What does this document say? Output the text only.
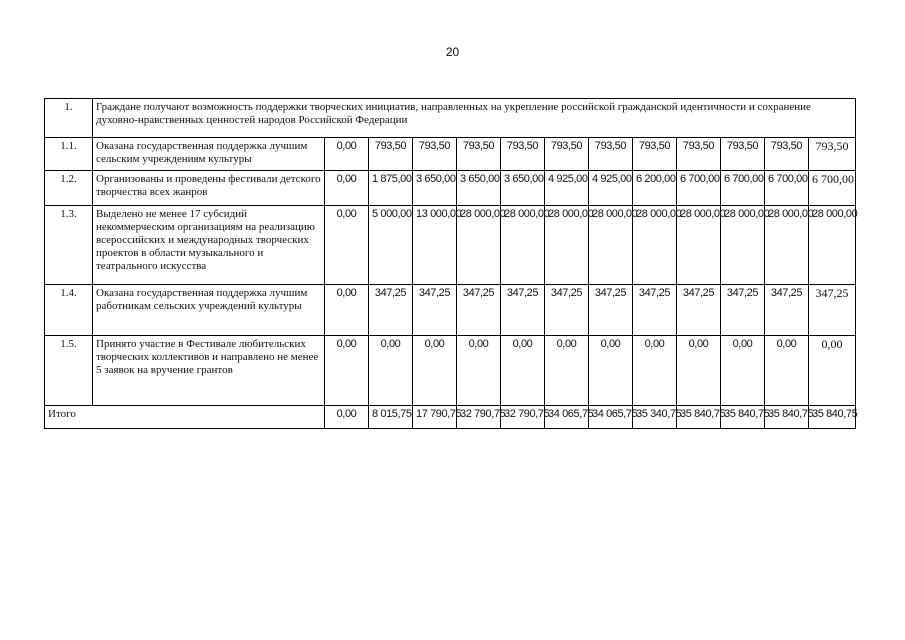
20
1.	Граждане получают возможность поддержки творческих инициатив, направленных на укрепление российской гражданской идентичности и сохранение духовно-нравственных ценностей народов Российской Федерации												
1.1.	Оказана государственная поддержка лучшим сельским учреждениям культуры	0,00	793,50	793,50	793,50	793,50	793,50	793,50	793,50	793,50	793,50	793,50	793,50
1.2.	Организованы и проведены фестивали детского творчества всех жанров	0,00	1 875,00	3 650,00	3 650,00	3 650,00	4 925,00	4 925,00	6 200,00	6 700,00	6 700,00	6 700,00	6 700,00
1.3.	Выделено не менее 17 субсидий некоммерческим организациям на реализацию всероссийских и международных творческих проектов в области музыкального и театрального искусства	0,00	5 000,00	13 000,00	28 000,00	28 000,00	28 000,00	28 000,00	28 000,00	28 000,00	28 000,00	28 000,00	28 000,00
1.4.	Оказана государственная поддержка лучшим работникам сельских учреждений культуры	0,00	347,25	347,25	347,25	347,25	347,25	347,25	347,25	347,25	347,25	347,25	347,25
1.5.	Принято участие в Фестивале любительских творческих коллективов и направлено не менее 5 заявок на вручение грантов	0,00	0,00	0,00	0,00	0,00	0,00	0,00	0,00	0,00	0,00	0,00	0,00
Итого		0,00	8 015,75	17 790,75	32 790,75	32 790,75	34 065,75	34 065,75	35 340,75	35 840,75	35 840,75	35 840,75	35 840,75
